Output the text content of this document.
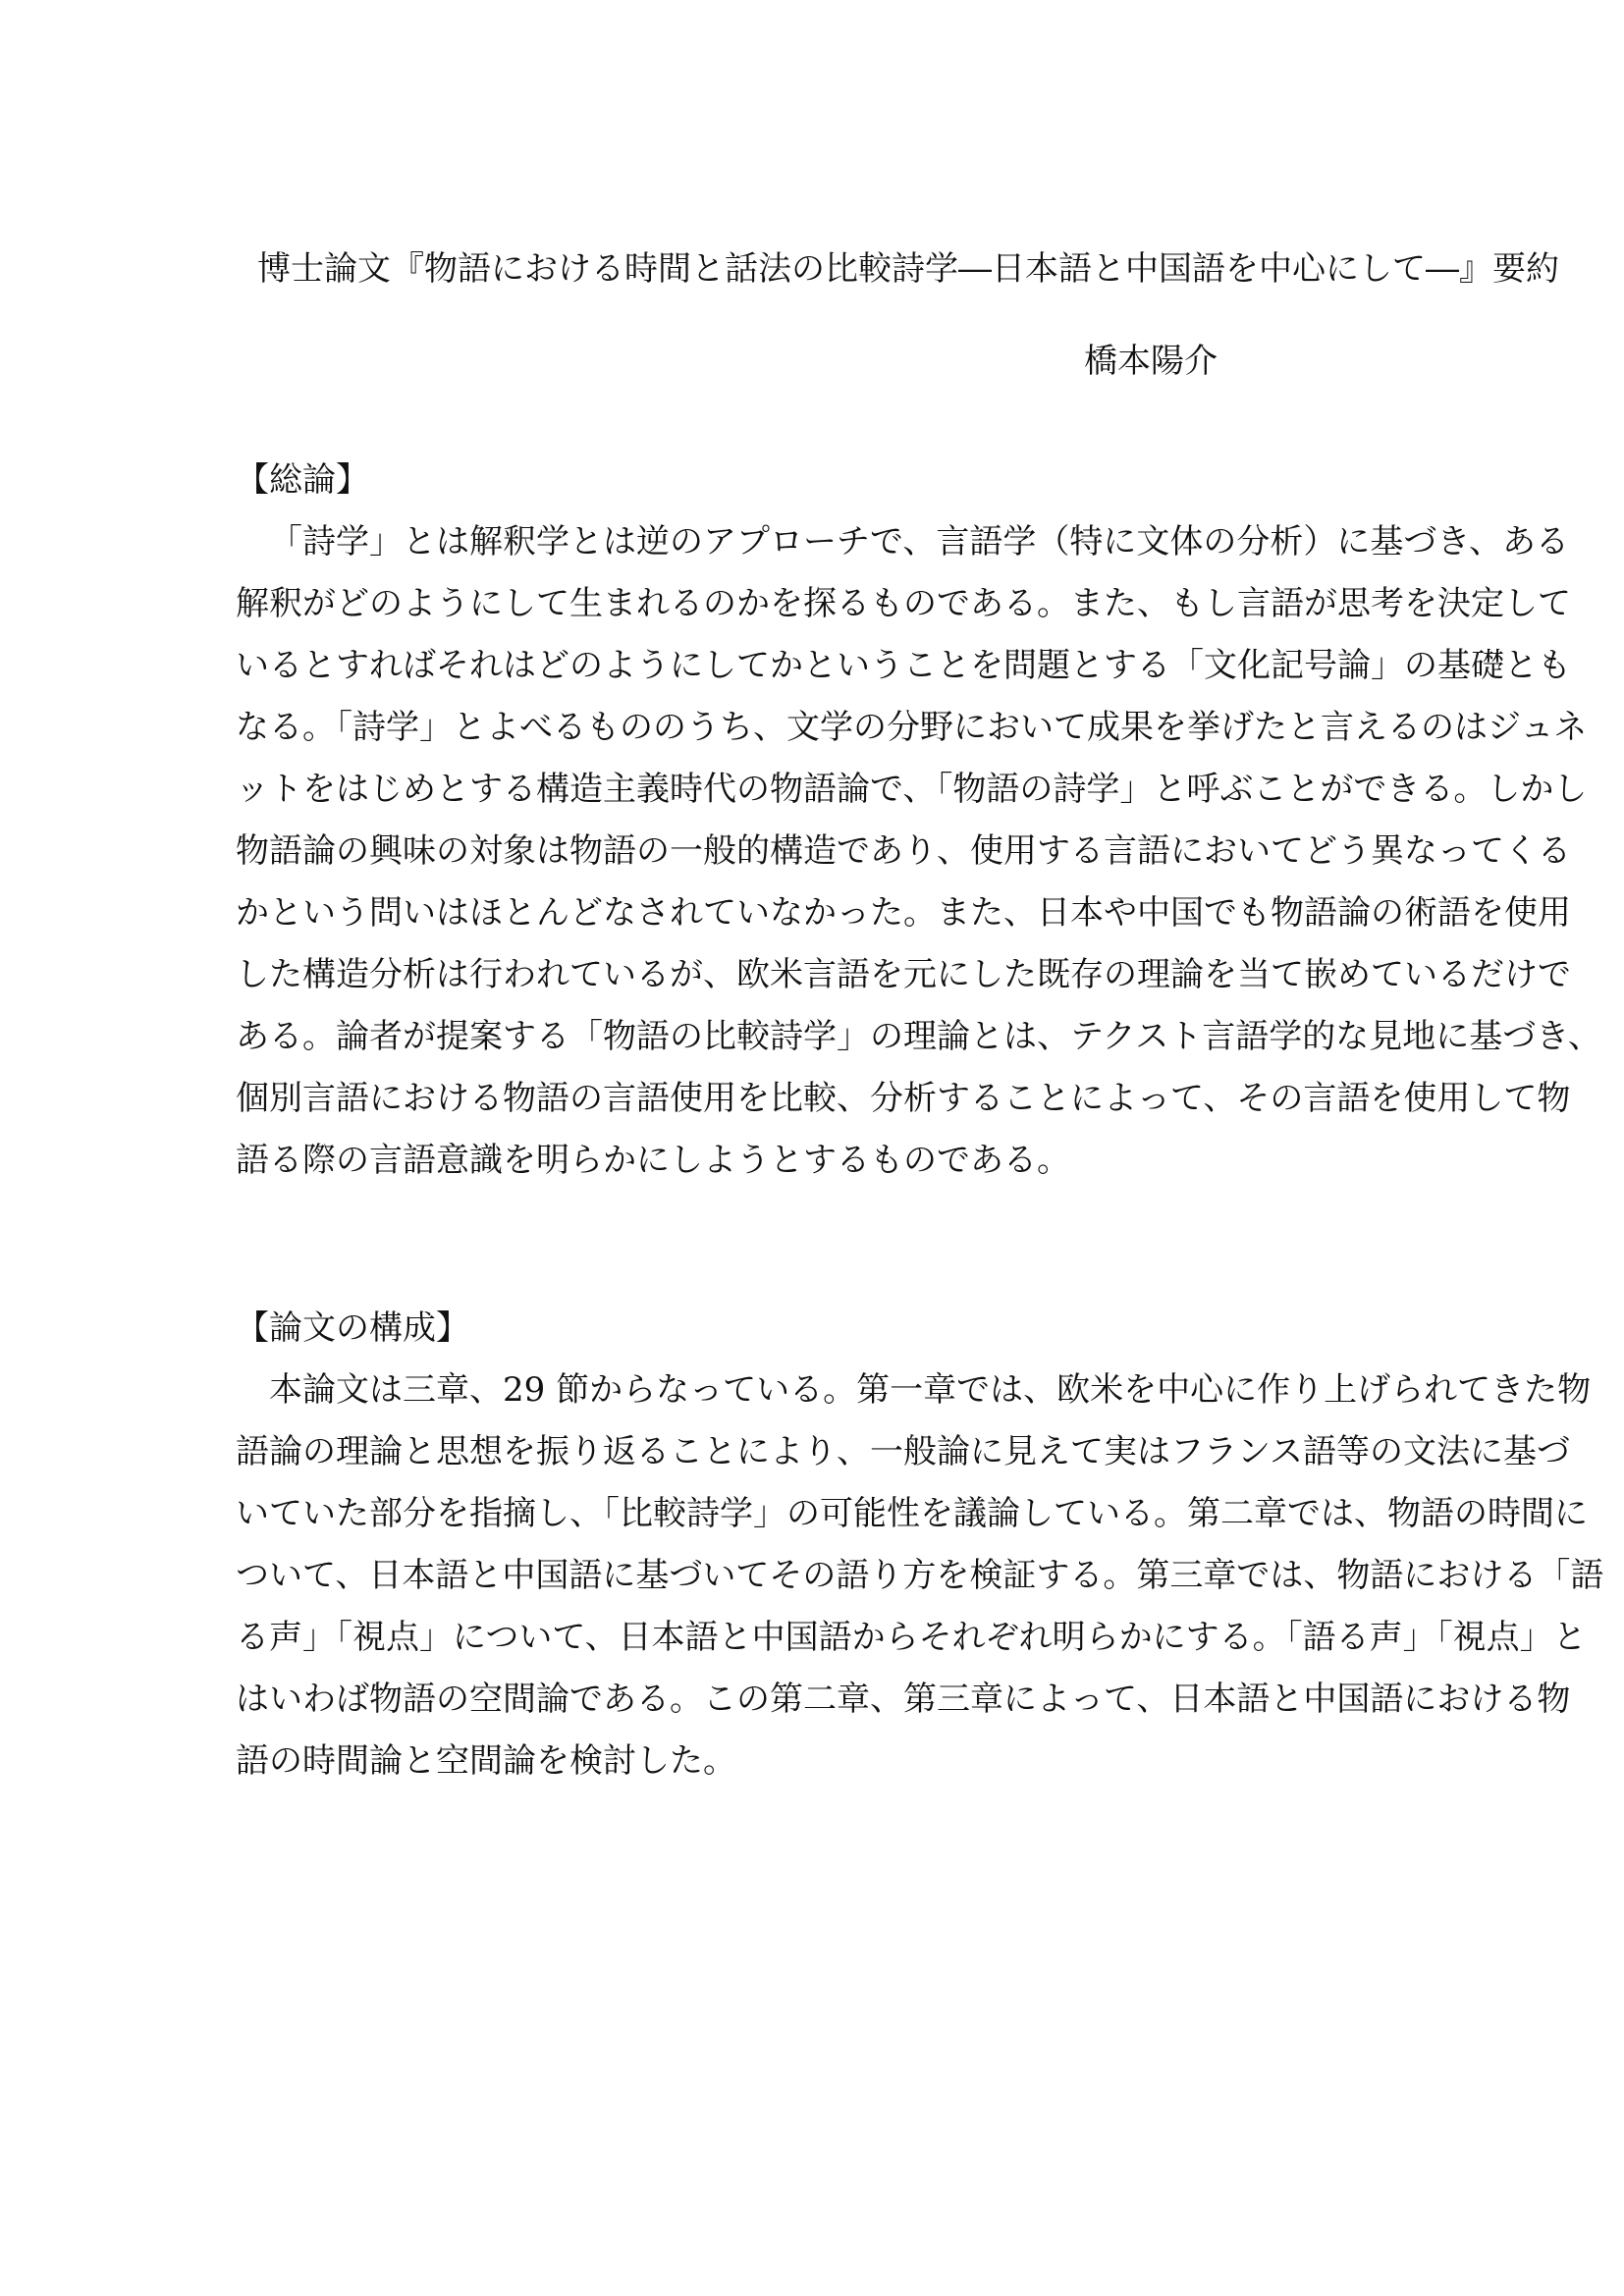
博士論文『物語における時間と話法の比較詩学―日本語と中国語を中心にして―』要約
橋本陽介
【総論】
「詩学」とは解釈学とは逆のアプローチで、言語学（特に文体の分析）に基づき、ある
解釈がどのようにして生まれるのかを探るものである。また、もし言語が思考を決定して
いるとすればそれはどのようにしてかということを問題とする「文化記号論」の基礎とも
なる。「詩学」とよべるもののうち、文学の分野において成果を挙げたと言えるのはジュネ
ットをはじめとする構造主義時代の物語論で、「物語の詩学」と呼ぶことができる。しかし
物語論の興味の対象は物語の一般的構造であり、使用する言語においてどう異なってくる
かという問いはほとんどなされていなかった。また、日本や中国でも物語論の術語を使用
した構造分析は行われているが、欧米言語を元にした既存の理論を当て嵌めているだけで
ある。論者が提案する「物語の比較詩学」の理論とは、テクスト言語学的な見地に基づき、
個別言語における物語の言語使用を比較、分析することによって、その言語を使用して物
語る際の言語意識を明らかにしようとするものである。
【論文の構成】
本論文は三章、29 節からなっている。第一章では、欧米を中心に作り上げられてきた物
語論の理論と思想を振り返ることにより、一般論に見えて実はフランス語等の文法に基づ
いていた部分を指摘し、「比較詩学」の可能性を議論している。第二章では、物語の時間に
ついて、日本語と中国語に基づいてその語り方を検証する。第三章では、物語における「語
る声」「視点」について、日本語と中国語からそれぞれ明らかにする。「語る声」「視点」と
はいわば物語の空間論である。この第二章、第三章によって、日本語と中国語における物
語の時間論と空間論を検討した。
